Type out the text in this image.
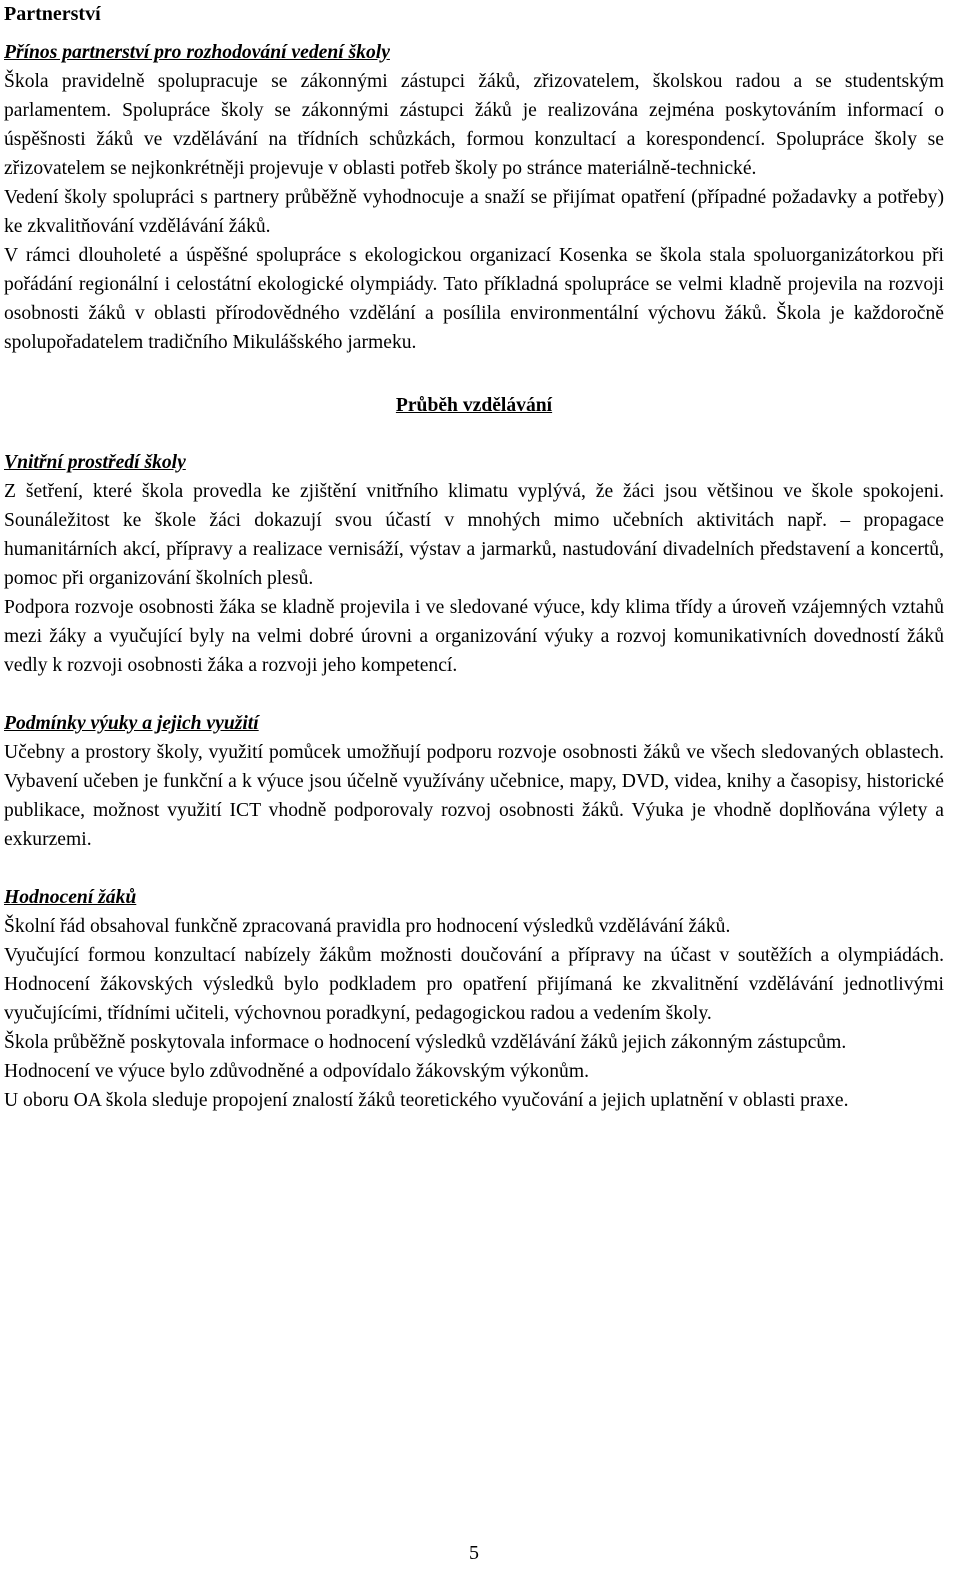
Partnerství
Přínos partnerství pro rozhodování vedení školy

Škola pravidelně spolupracuje se zákonnými zástupci žáků, zřizovatelem, školskou radou a se studentským parlamentem. Spolupráce školy se zákonnými zástupci žáků je realizována zejména poskytováním informací o úspěšnosti žáků ve vzdělávání na třídních schůzkách, formou konzultací a korespondencí. Spolupráce školy se zřizovatelem se nejkonkrétněji projevuje v oblasti potřeb školy po stránce materiálně-technické.

Vedení školy spolupráci s partnery průběžně vyhodnocuje a snaží se přijímat opatření (případné požadavky a potřeby) ke zkvalitňování vzdělávání žáků.

V rámci dlouholeté a úspěšné spolupráce s ekologickou organizací Kosenka se škola stala spoluorganizátorkou při pořádání regionální i celostátní ekologické olympiády. Tato příkladná spolupráce se velmi kladně projevila na rozvoji osobnosti žáků v oblasti přírodovědného vzdělání a posílila environmentální výchovu žáků. Škola je každoročně spolupořadatelem tradičního Mikulášského jarmeku.

Průběh vzdělávání
Vnitřní prostředí školy

Z šetření, které škola provedla ke zjištění vnitřního klimatu vyplývá, že žáci jsou většinou ve škole spokojeni. Sounáležitost ke škole žáci dokazují svou účastí v mnohých mimo učebních aktivitách např. – propagace humanitárních akcí, přípravy a realizace vernisáží, výstav a jarmarků, nastudování divadelních představení a koncertů, pomoc při organizování školních plesů.

Podpora rozvoje osobnosti žáka se kladně projevila i ve sledované výuce, kdy klima třídy a úroveň vzájemných vztahů mezi žáky a vyučující byly na velmi dobré úrovni a organizování výuky a rozvoj komunikativních dovedností žáků vedly k rozvoji osobnosti žáka a rozvoji jeho kompetencí.

Podmínky výuky a jejich využití

Učebny a prostory školy, využití pomůcek umožňují podporu rozvoje osobnosti žáků ve všech sledovaných oblastech. Vybavení učeben je funkční a k výuce jsou účelně využívány učebnice, mapy, DVD, videa, knihy a časopisy, historické publikace, možnost využití ICT vhodně podporovaly rozvoj osobnosti žáků. Výuka je vhodně doplňována výlety a exkurzemi.

Hodnocení žáků

Školní řád obsahoval funkčně zpracovaná pravidla pro hodnocení výsledků vzdělávání žáků.

Vyučující formou konzultací nabízely žákům možnosti doučování a přípravy na účast v soutěžích a olympiádách. Hodnocení žákovských výsledků bylo podkladem pro opatření přijímaná ke zkvalitnění vzdělávání jednotlivými vyučujícími, třídními učiteli, výchovnou poradkyní, pedagogickou radou a vedením školy.

Škola průběžně poskytovala informace o hodnocení výsledků vzdělávání žáků jejich zákonným zástupcům.

Hodnocení ve výuce bylo zdůvodněné a odpovídalo žákovským výkonům.

U oboru OA škola sleduje propojení znalostí žáků teoretického vyučování a jejich uplatnění v oblasti praxe.

5
